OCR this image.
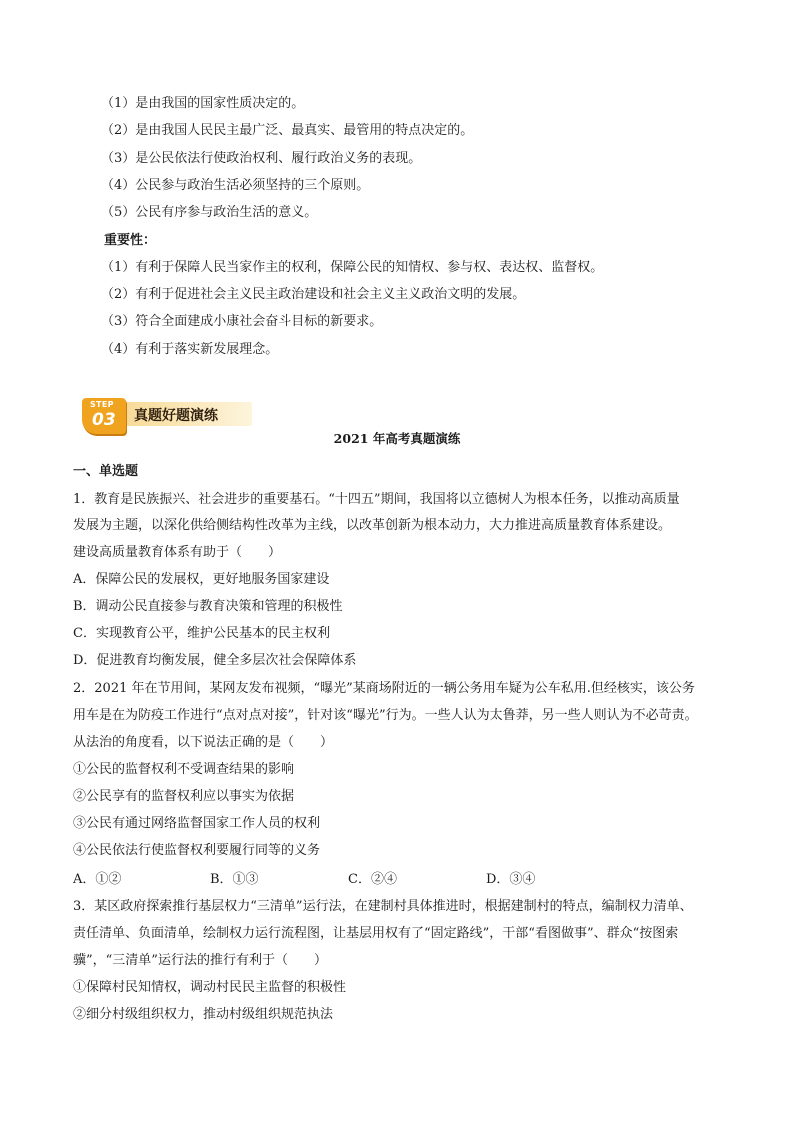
（1）是由我国的国家性质决定的。
（2）是由我国人民民主最广泛、最真实、最管用的特点决定的。
（3）是公民依法行使政治权利、履行政治义务的表现。
（4）公民参与政治生活必须坚持的三个原则。
（5）公民有序参与政治生活的意义。
重要性：
（1）有利于保障人民当家作主的权利，保障公民的知情权、参与权、表达权、监督权。
（2）有利于促进社会主义民主政治建设和社会主义主义政治文明的发展。
（3）符合全面建成小康社会奋斗目标的新要求。
（4）有利于落实新发展理念。
STEP
03 真题好题演练
2021 年高考真题演练
一、单选题
1．教育是民族振兴、社会进步的重要基石。“十四五”期间，我国将以立德树人为根本任务，以推动高质量
发展为主题，以深化供给侧结构性改革为主线，以改革创新为根本动力，大力推进高质量教育体系建设。
建设高质量教育体系有助于（　　）
A．保障公民的发展权，更好地服务国家建设
B．调动公民直接参与教育决策和管理的积极性
C．实现教育公平，维护公民基本的民主权利
D．促进教育均衡发展，健全多层次社会保障体系
2．2021 年在节用间，某网友发布视频，“曝光”某商场附近的一辆公务用车疑为公车私用.但经核实，该公务
用车是在为防疫工作进行“点对点对接”，针对该“曝光”行为。一些人认为太鲁莽，另一些人则认为不必苛责。
从法治的角度看，以下说法正确的是（　　）
①公民的监督权利不受调查结果的影响
②公民享有的监督权利应以事实为依据
③公民有通过网络监督国家工作人员的权利
④公民依法行使监督权利要履行同等的义务
A．①②	B．①③	C．②④	D．③④
3．某区政府探索推行基层权力“三清单”运行法，在建制村具体推进时，根据建制村的特点，编制权力清单、
责任清单、负面清单，绘制权力运行流程图，让基层用权有了“固定路线”，干部“看图做事”、群众“按图索
骥”，“三清单”运行法的推行有利于（　　）
①保障村民知情权，调动村民民主监督的积极性
②细分村级组织权力，推动村级组织规范执法
